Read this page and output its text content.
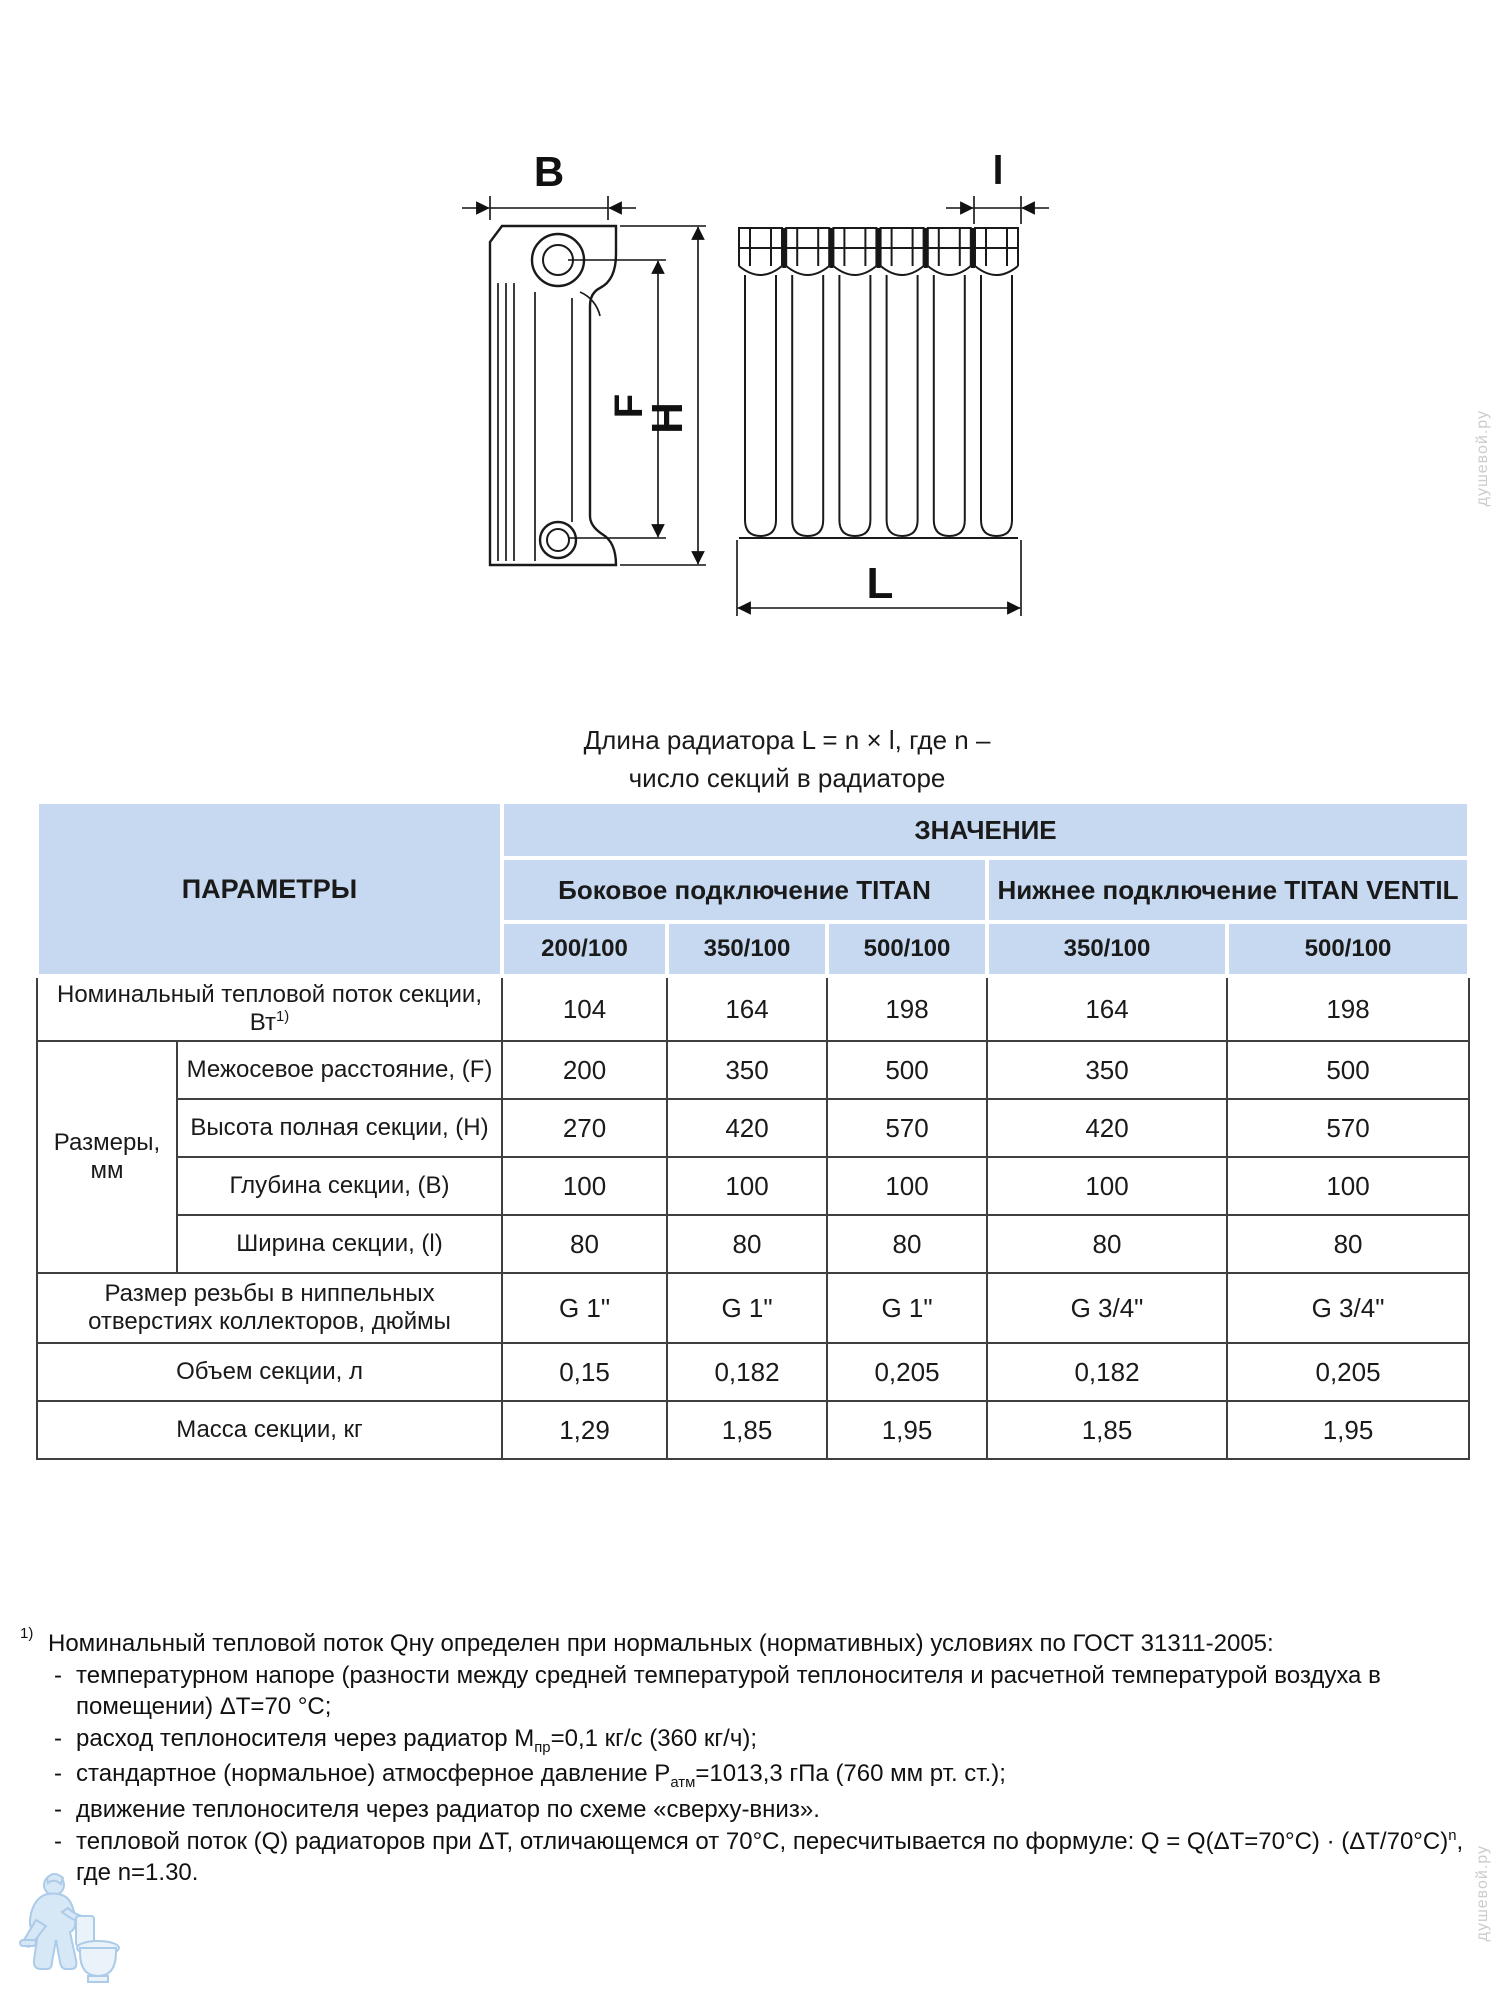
B
F
H
l
L
Длина радиатора L = n × l, где n –
число секций в радиаторе
ПАРАМЕТРЫ		ЗНАЧЕНИЕ				
		Боковое подключение TITAN			Нижнее подключение TITAN VENTIL	
		200/100	350/100	500/100	350/100	500/100
Номинальный тепловой поток секции, $Вт^{1)}$		104	164	198	164	198
Размеры, мм	Межосевое расстояние, (F)	200	350	500	350	500
	Высота полная секции, (Н)	270	420	570	420	570
	Глубина секции, (В)	100	100	100	100	100
	Ширина секции, (l)	80	80	80	80	80
Размер резьбы в ниппельных отверстиях коллекторов, дюймы		G 1"	G 1"	G 1"	G 3/4"	G 3/4"
Объем секции, л		0,15	0,182	0,205	0,182	0,205
Масса секции, кг		1,29	1,85	1,95	1,85	1,95
1) Номинальный тепловой поток Qну определен при нормальных (нормативных) условиях по ГОСТ 31311-2005:
- температурном напоре (разности между средней температурой теплоносителя и расчетной температурой воздуха в помещении) ΔТ=70 °С;
- расход теплоносителя через радиатор $М_{пр}=0,1$ кг/с (360 кг/ч);
- стандартное (нормальное) атмосферное давление $Р_{атм}=1013,3$ гПа (760 мм рт. ст.);
- движение теплоносителя через радиатор по схеме «сверху-вниз».
- тепловой поток (Q) радиаторов при ΔТ, отличающемся от 70°С, пересчитывается по формуле: $Q = Q(\Delta Т=70^\circ С) \cdot (\Delta Т/70^\circ С)^n$, где n=1.30.
душевой.ру
душевой.ру
